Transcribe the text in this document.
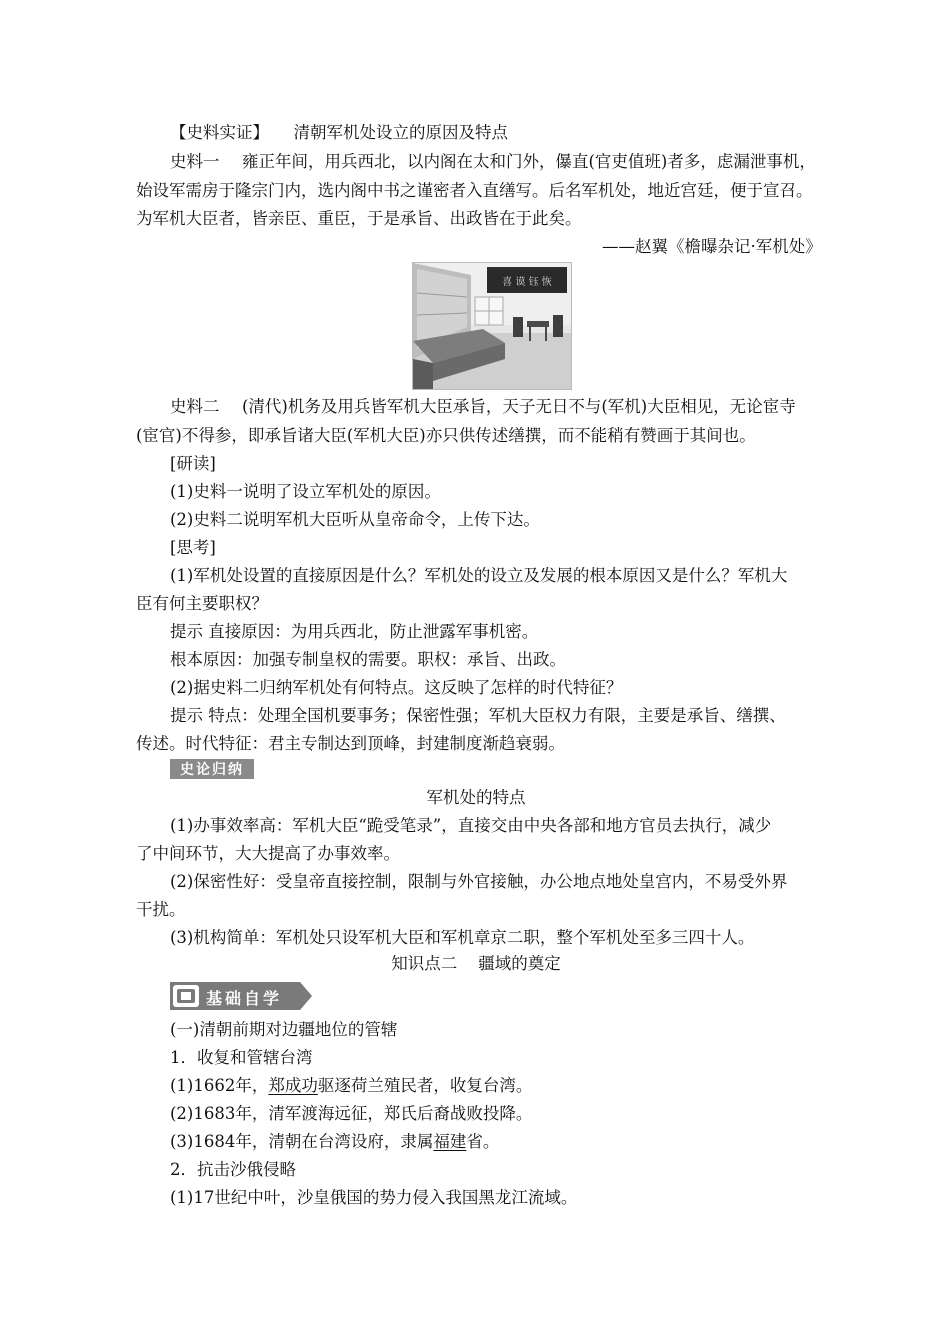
【史料实证】 清朝军机处设立的原因及特点
史料一 雍正年间，用兵西北，以内阁在太和门外，儤直(官吏值班)者多，虑漏泄事机，
始设军需房于隆宗门内，选内阁中书之谨密者入直缮写。后名军机处，地近宫廷，便于宣召。
为军机大臣者，皆亲臣、重臣，于是承旨、出政皆在于此矣。
——赵翼《檐曝杂记·军机处》
喜 谟 钰 恢
史料二 (清代)机务及用兵皆军机大臣承旨，天子无日不与(军机)大臣相见，无论宦寺
(宦官)不得参，即承旨诸大臣(军机大臣)亦只供传述缮撰，而不能稍有赞画于其间也。
[研读]
(1)史料一说明了设立军机处的原因。
(2)史料二说明军机大臣听从皇帝命令，上传下达。
[思考]
(1)军机处设置的直接原因是什么？军机处的设立及发展的根本原因又是什么？军机大
臣有何主要职权？
提示 直接原因：为用兵西北，防止泄露军事机密。
根本原因：加强专制皇权的需要。职权：承旨、出政。
(2)据史料二归纳军机处有何特点。这反映了怎样的时代特征？
提示 特点：处理全国机要事务；保密性强；军机大臣权力有限，主要是承旨、缮撰、
传述。时代特征：君主专制达到顶峰，封建制度渐趋衰弱。
史论归纳
军机处的特点
(1)办事效率高：军机大臣“跪受笔录”，直接交由中央各部和地方官员去执行，减少
了中间环节，大大提高了办事效率。
(2)保密性好：受皇帝直接控制，限制与外官接触，办公地点地处皇宫内，不易受外界
干扰。
(3)机构简单：军机处只设军机大臣和军机章京二职，整个军机处至多三四十人。
知识点二    疆域的奠定
基础自学
(一)清朝前期对边疆地位的管辖
1．收复和管辖台湾
(1)1662年，郑成功驱逐荷兰殖民者，收复台湾。
(2)1683年，清军渡海远征，郑氏后裔战败投降。
(3)1684年，清朝在台湾设府，隶属福建省。
2．抗击沙俄侵略
(1)17世纪中叶，沙皇俄国的势力侵入我国黑龙江流域。
